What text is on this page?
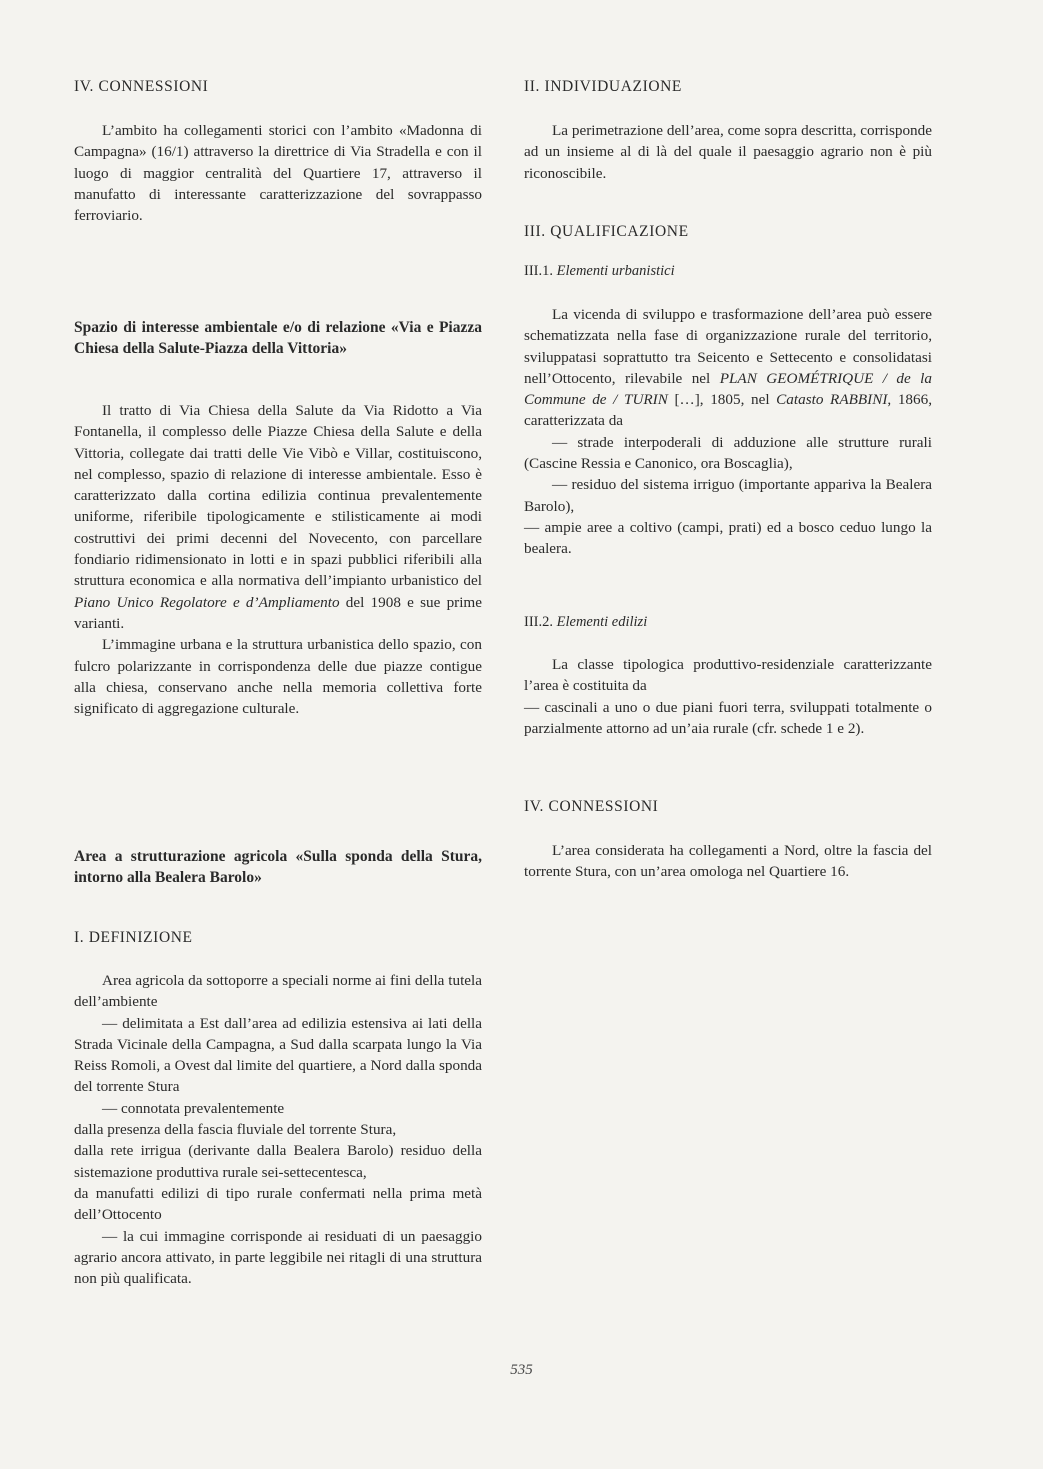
IV. CONNESSIONI

L’ambito ha collegamenti storici con l’ambito «Madonna di Campagna» (16/1) attraverso la direttrice di Via Stradella e con il luogo di maggior centralità del Quartiere 17, attraverso il manufatto di interessante caratterizzazione del sovrappasso ferroviario.

Spazio di interesse ambientale e/o di relazione «Via e Piazza Chiesa della Salute-Piazza della Vittoria»

Il tratto di Via Chiesa della Salute da Via Ridotto a Via Fontanella, il complesso delle Piazze Chiesa della Salute e della Vittoria, collegate dai tratti delle Vie Vibò e Villar, costituiscono, nel complesso, spazio di relazione di interesse ambientale. Esso è caratterizzato dalla cortina edilizia continua prevalentemente uniforme, riferibile tipologicamente e stilisticamente ai modi costruttivi dei primi decenni del Novecento, con parcellare fondiario ridimensionato in lotti e in spazi pubblici riferibili alla struttura economica e alla normativa dell’impianto urbanistico del Piano Unico Regolatore e d’Ampliamento del 1908 e sue prime varianti.

L’immagine urbana e la struttura urbanistica dello spazio, con fulcro polarizzante in corrispondenza delle due piazze contigue alla chiesa, conservano anche nella memoria collettiva forte significato di aggregazione culturale.

Area a strutturazione agricola «Sulla sponda della Stura, intorno alla Bealera Barolo»

I. DEFINIZIONE

Area agricola da sottoporre a speciali norme ai fini della tutela dell’ambiente

— delimitata a Est dall’area ad edilizia estensiva ai lati della Strada Vicinale della Campagna, a Sud dalla scarpata lungo la Via Reiss Romoli, a Ovest dal limite del quartiere, a Nord dalla sponda del torrente Stura

— connotata prevalentemente

dalla presenza della fascia fluviale del torrente Stura,

dalla rete irrigua (derivante dalla Bealera Barolo) residuo della sistemazione produttiva rurale sei-settecentesca,

da manufatti edilizi di tipo rurale confermati nella prima metà dell’Ottocento

— la cui immagine corrisponde ai residuati di un paesaggio agrario ancora attivato, in parte leggibile nei ritagli di una struttura non più qualificata.

II. INDIVIDUAZIONE

La perimetrazione dell’area, come sopra descritta, corrisponde ad un insieme al di là del quale il paesaggio agrario non è più riconoscibile.

III. QUALIFICAZIONE

III.1. Elementi urbanistici

La vicenda di sviluppo e trasformazione dell’area può essere schematizzata nella fase di organizzazione rurale del territorio, sviluppatasi soprattutto tra Seicento e Settecento e consolidatasi nell’Ottocento, rilevabile nel PLAN GEOMÉTRIQUE / de la Commune de / TURIN […], 1805, nel Catasto RABBINI, 1866, caratterizzata da

— strade interpoderali di adduzione alle strutture rurali (Cascine Ressia e Canonico, ora Boscaglia),

— residuo del sistema irriguo (importante appariva la Bealera Barolo),

— ampie aree a coltivo (campi, prati) ed a bosco ceduo lungo la bealera.

III.2. Elementi edilizi

La classe tipologica produttivo-residenziale caratterizzante l’area è costituita da

— cascinali a uno o due piani fuori terra, sviluppati totalmente o parzialmente attorno ad un’aia rurale (cfr. schede 1 e 2).

IV. CONNESSIONI

L’area considerata ha collegamenti a Nord, oltre la fascia del torrente Stura, con un’area omologa nel Quartiere 16.

535
